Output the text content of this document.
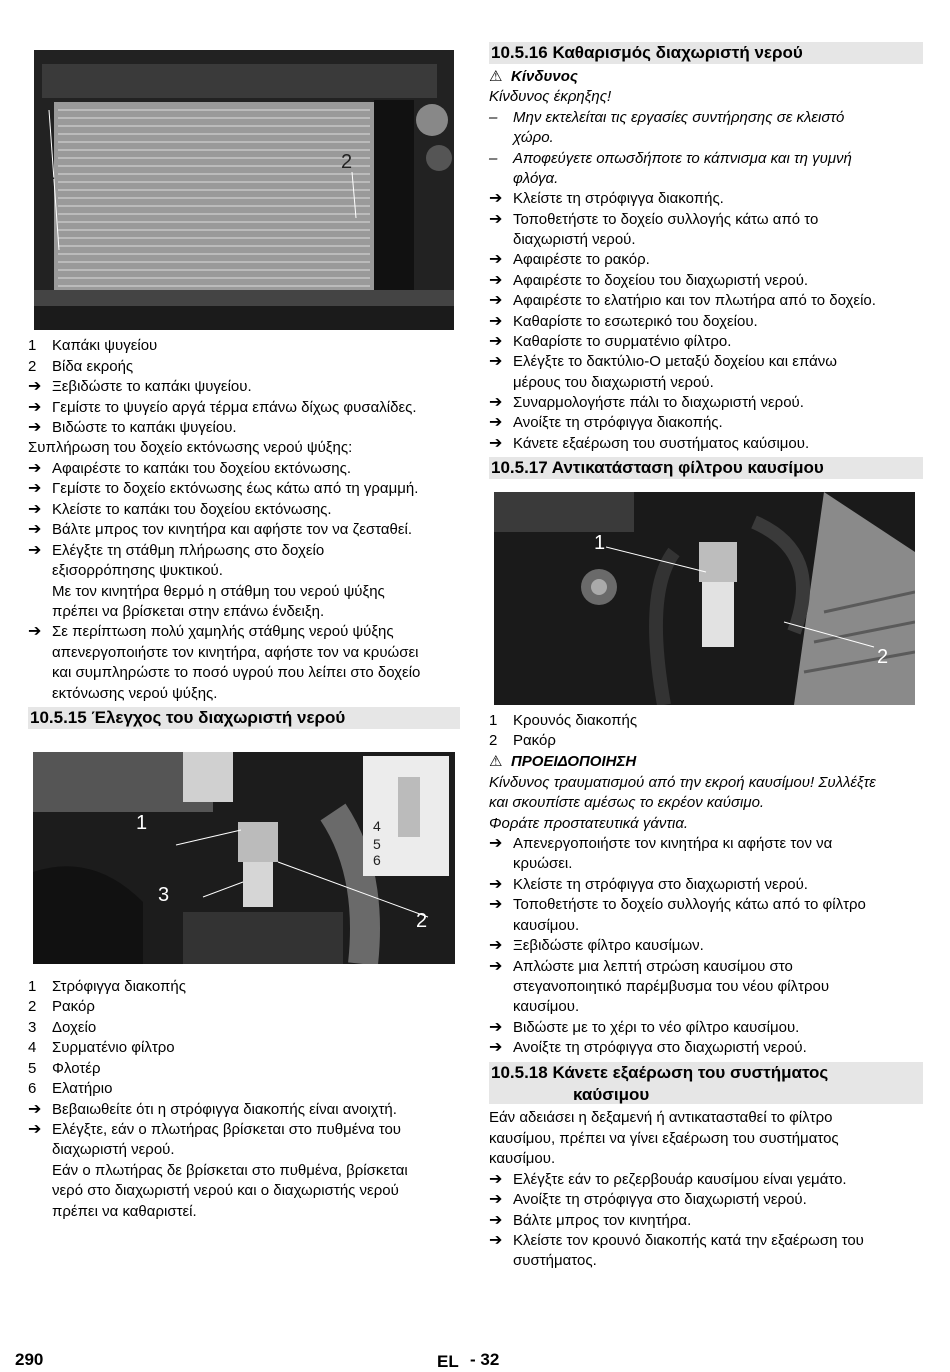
1	2
1 Καπάκι ψυγείου
2 Βίδα εκροής
➔ Ξεβιδώστε το καπάκι ψυγείου.
➔ Γεμίστε το ψυγείο αργά τέρμα επάνω δίχως φυσαλίδες.
➔ Βιδώστε το καπάκι ψυγείου.
Συπλήρωση του δοχείο εκτόνωσης νερού ψύξης:
➔ Αφαιρέστε το καπάκι του δοχείου εκτόνωσης.
➔ Γεμίστε το δοχείο εκτόνωσης έως κάτω από τη γραμμή.
➔ Κλείστε το καπάκι του δοχείου εκτόνωσης.
➔ Βάλτε μπρος τον κινητήρα και αφήστε τον να ζεσταθεί.
➔ Ελέγξτε τη στάθμη πλήρωσης στο δοχείο
εξισορρόπησης ψυκτικού.
Με τον κινητήρα θερμό η στάθμη του νερού ψύξης
πρέπει να βρίσκεται στην επάνω ένδειξη.
➔ Σε περίπτωση πολύ χαμηλής στάθμης νερού ψύξης
απενεργοποιήστε τον κινητήρα, αφήστε τον να κρυώσει
και συμπληρώστε το ποσό υγρού που λείπει στο δοχείο
εκτόνωσης νερού ψύξης.
10.5.15 Έλεγχος του διαχωριστή νερού
1
3
2
4
5
6
1 Στρόφιγγα διακοπής
2 Ρακόρ
3 Δοχείο
4 Συρματένιο φίλτρο
5 Φλοτέρ
6 Ελατήριο
➔ Βεβαιωθείτε ότι η στρόφιγγα διακοπής είναι ανοιχτή.
➔ Ελέγξτε, εάν ο πλωτήρας βρίσκεται στο πυθμένα του
διαχωριστή νερού.
Εάν ο πλωτήρας δε βρίσκεται στο πυθμένα, βρίσκεται
νερό στο διαχωριστή νερού και ο διαχωριστής νερού
πρέπει να καθαριστεί.
10.5.16 Καθαρισμός διαχωριστή νερού
⚠ Κίνδυνος
Κίνδυνος έκρηξης!
– Μην εκτελείται τις εργασίες συντήρησης σε κλειστό
χώρο.
– Αποφεύγετε οπωσδήποτε το κάπνισμα και τη γυμνή
φλόγα.
➔ Κλείστε τη στρόφιγγα διακοπής.
➔ Τοποθετήστε το δοχείο συλλογής κάτω από το
διαχωριστή νερού.
➔ Αφαιρέστε το ρακόρ.
➔ Αφαιρέστε το δοχείου του διαχωριστή νερού.
➔ Αφαιρέστε το ελατήριο και τον πλωτήρα από το δοχείο.
➔ Καθαρίστε το εσωτερικό του δοχείου.
➔ Καθαρίστε το συρματένιο φίλτρο.
➔ Ελέγξτε το δακτύλιο-Ο μεταξύ δοχείου και επάνω
μέρους του διαχωριστή νερού.
➔ Συναρμολογήστε πάλι το διαχωριστή νερού.
➔ Ανοίξτε τη στρόφιγγα διακοπής.
➔ Κάνετε εξαέρωση του συστήματος καύσιμου.
10.5.17 Αντικατάσταση φίλτρου καυσίμου
1
2
1 Κρουνός διακοπής
2 Ρακόρ
⚠ ΠΡΟΕΙΔΟΠΟΙΗΣΗ
Κίνδυνος τραυματισμού από την εκροή καυσίμου! Συλλέξτε
και σκουπίστε αμέσως το εκρέον καύσιμο.
Φοράτε προστατευτικά γάντια.
➔ Απενεργοποιήστε τον κινητήρα κι αφήστε τον να
κρυώσει.
➔ Κλείστε τη στρόφιγγα στο διαχωριστή νερού.
➔ Τοποθετήστε το δοχείο συλλογής κάτω από το φίλτρο
καυσίμου.
➔ Ξεβιδώστε φίλτρο καυσίμων.
➔ Απλώστε μια λεπτή στρώση καυσίμου στο
στεγανοποιητικό παρέμβυσμα του νέου φίλτρου
καυσίμου.
➔ Βιδώστε με το χέρι το νέο φίλτρο καυσίμου.
➔ Ανοίξτε τη στρόφιγγα στο διαχωριστή νερού.
10.5.18 Κάνετε εξαέρωση του συστήματος
καύσιμου
Εάν αδειάσει η δεξαμενή ή αντικατασταθεί το φίλτρο
καυσίμου, πρέπει να γίνει εξαέρωση του συστήματος
καυσίμου.
➔ Ελέγξτε εάν το ρεζερβουάρ καυσίμου είναι γεμάτο.
➔ Ανοίξτε τη στρόφιγγα στο διαχωριστή νερού.
➔ Βάλτε μπρος τον κινητήρα.
➔ Κλείστε τον κρουνό διακοπής κατά την εξαέρωση του
συστήματος.
290	EL - 32
